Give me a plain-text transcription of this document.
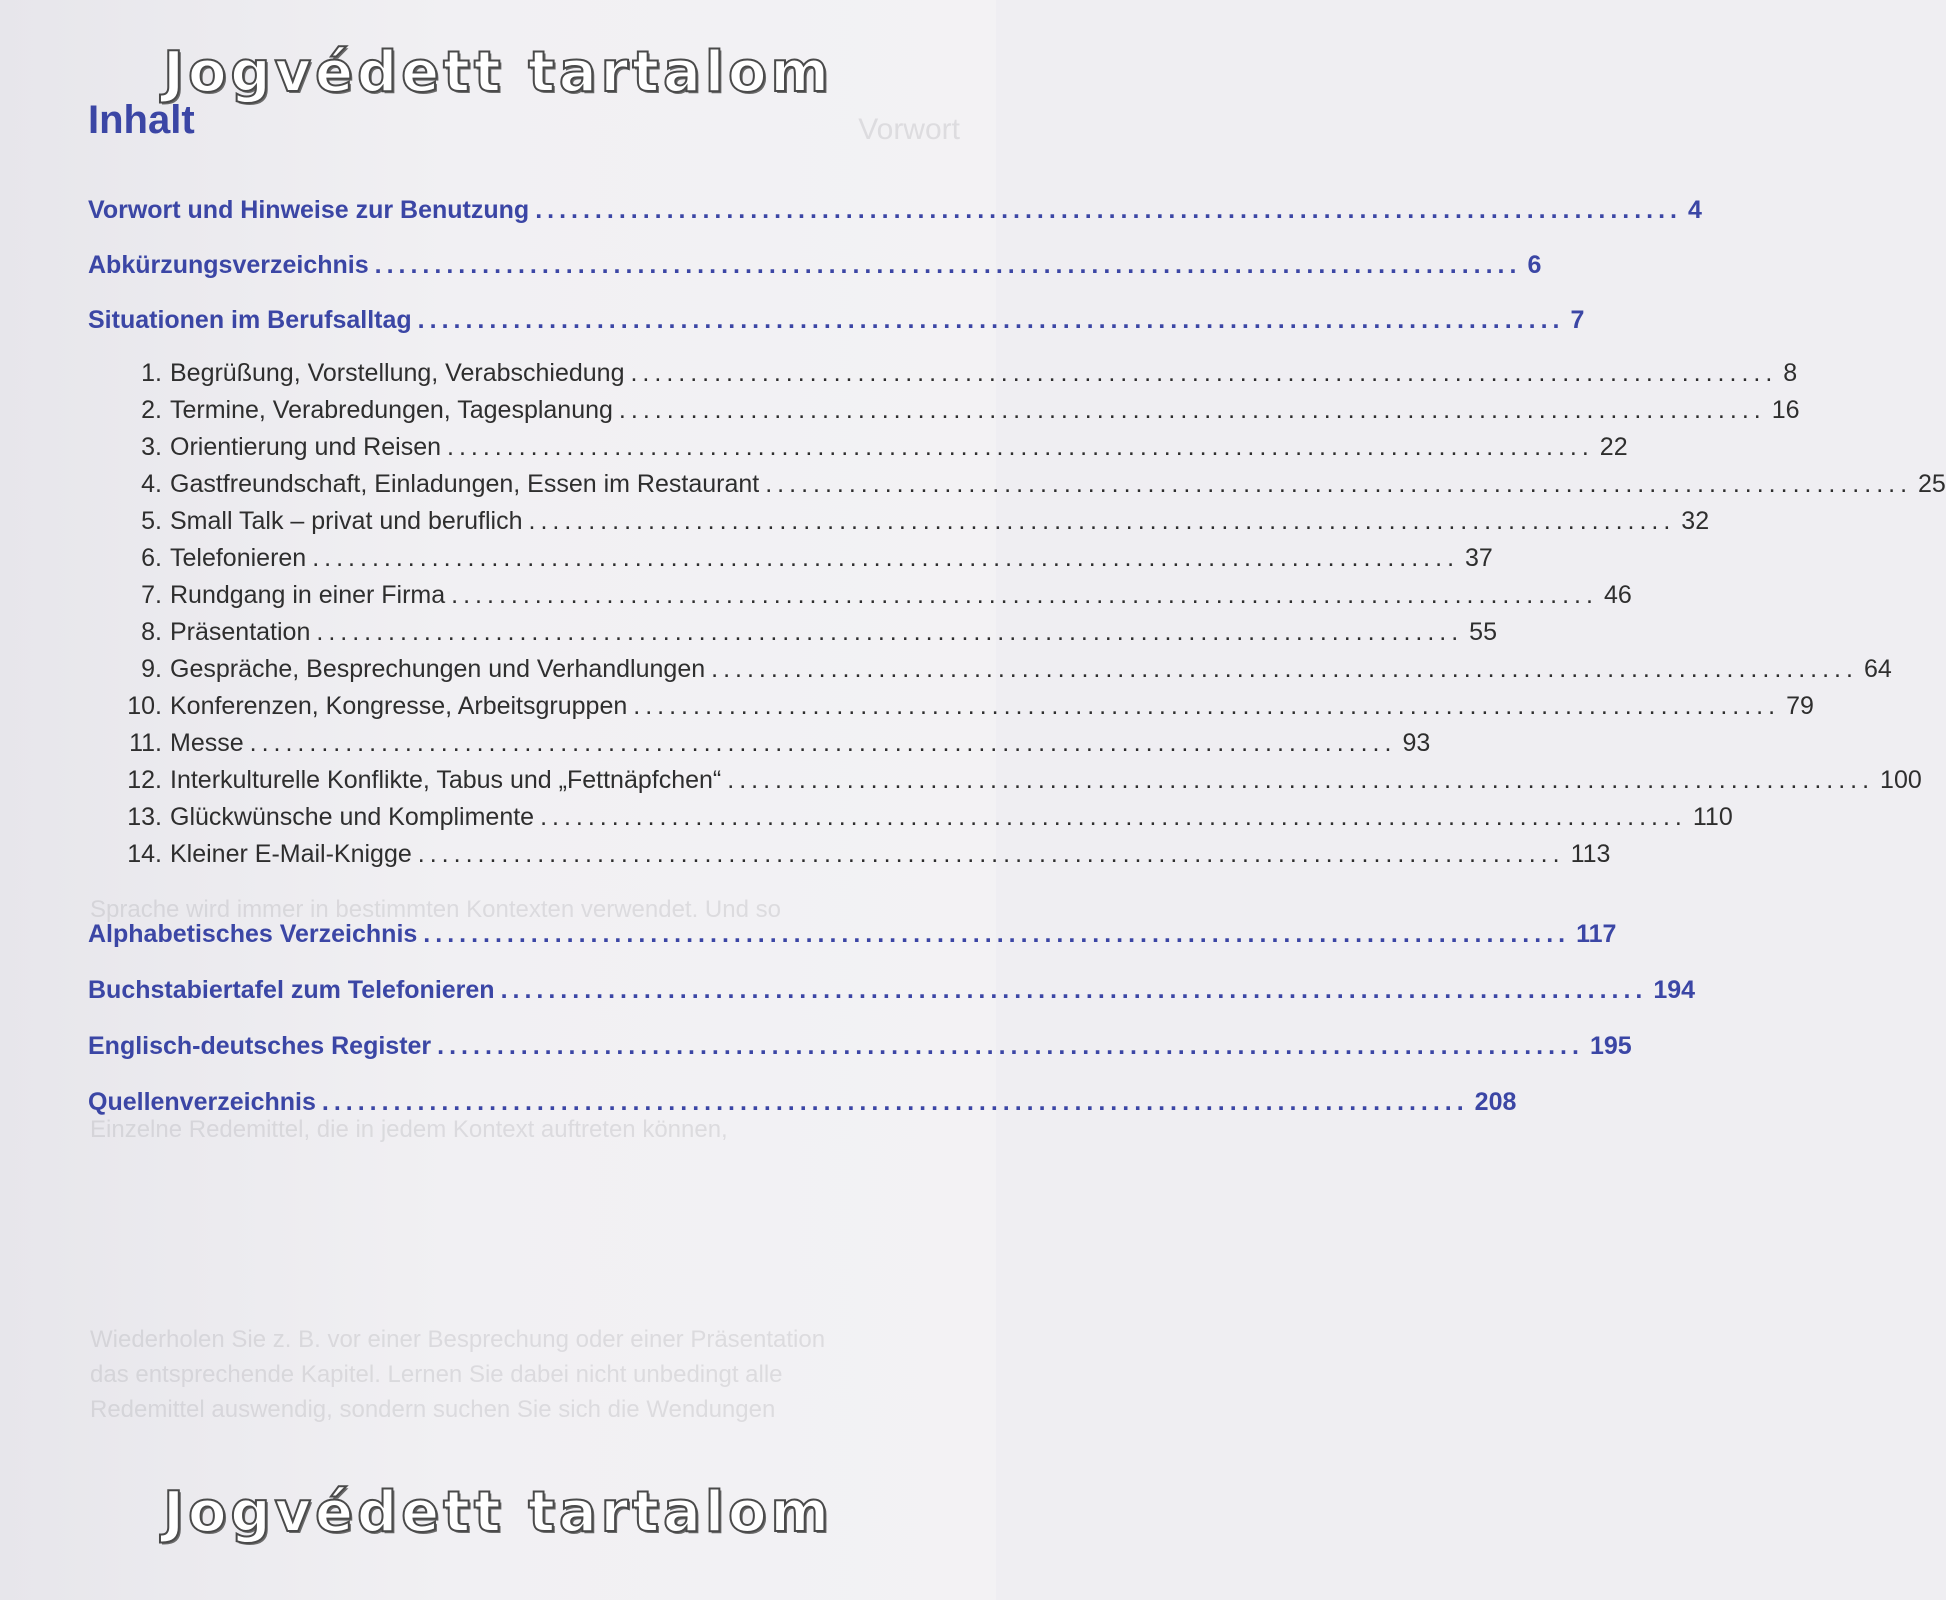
Vorwort
Sprache wird immer in bestimmten Kontexten verwendet. Und so
Einzelne Redemittel, die in jedem Kontext auftreten können,
Wiederholen Sie z. B. vor einer Besprechung oder einer Präsentation
das entsprechende Kapitel. Lernen Sie dabei nicht unbedingt alle
Redemittel auswendig, sondern suchen Sie sich die Wendungen
Jogvédett tartalom
Inhalt
Vorwort und Hinweise zur Benutzung ................................................................................................ 4
Abkürzungsverzeichnis ................................................................................................ 6
Situationen im Berufsalltag ................................................................................................ 7
1. Begrüßung, Vorstellung, Verabschiedung ................................................................................................ 8
2. Termine, Verabredungen, Tagesplanung ................................................................................................ 16
3. Orientierung und Reisen ................................................................................................ 22
4. Gastfreundschaft, Einladungen, Essen im Restaurant ................................................................................................ 25
5. Small Talk – privat und beruflich ................................................................................................ 32
6. Telefonieren ................................................................................................ 37
7. Rundgang in einer Firma ................................................................................................ 46
8. Präsentation ................................................................................................ 55
9. Gespräche, Besprechungen und Verhandlungen ................................................................................................ 64
10. Konferenzen, Kongresse, Arbeitsgruppen ................................................................................................ 79
11. Messe ................................................................................................ 93
12. Interkulturelle Konflikte, Tabus und „Fettnäpfchen“ ................................................................................................ 100
13. Glückwünsche und Komplimente ................................................................................................ 110
14. Kleiner E-Mail-Knigge ................................................................................................ 113
Alphabetisches Verzeichnis ................................................................................................ 117
Buchstabiertafel zum Telefonieren ................................................................................................ 194
Englisch-deutsches Register ................................................................................................ 195
Quellenverzeichnis ................................................................................................ 208
Jogvédett tartalom
